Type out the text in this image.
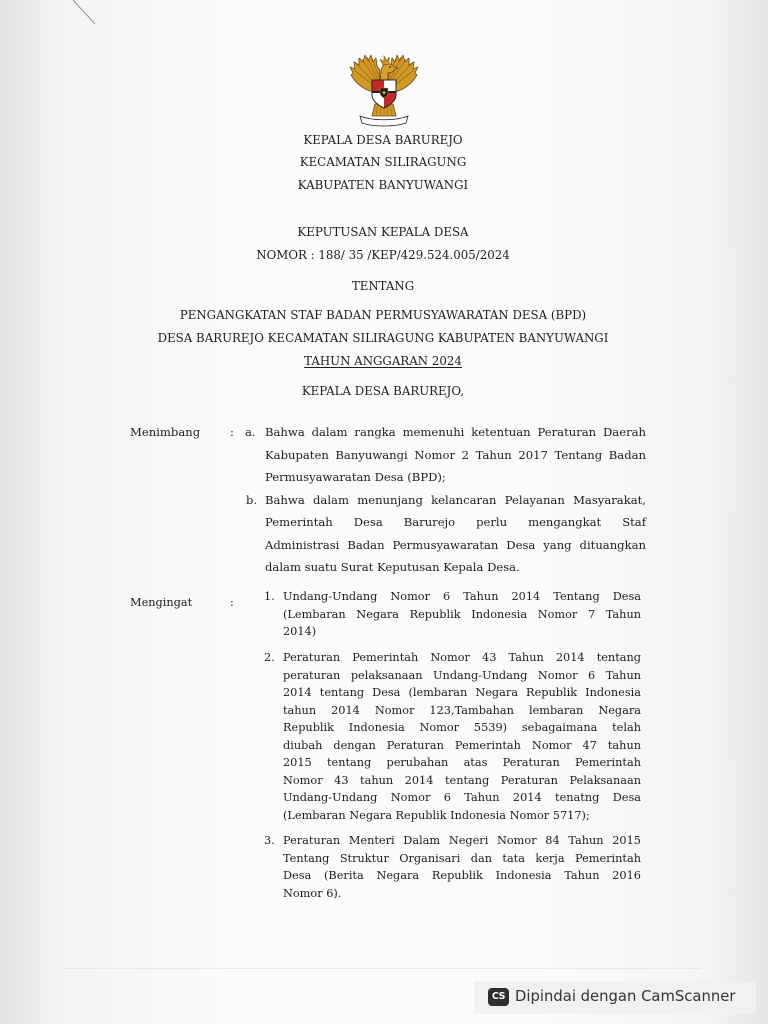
KEPALA DESA BARUREJO
KECAMATAN SILIRAGUNG
KABUPATEN BANYUWANGI
KEPUTUSAN KEPALA DESA
NOMOR : 188/ 35 /KEP/429.524.005/2024
TENTANG
PENGANGKATAN STAF BADAN PERMUSYAWARATAN DESA (BPD)
DESA BARUREJO KECAMATAN SILIRAGUNG KABUPATEN BANYUWANGI
TAHUN ANGGARAN 2024
KEPALA DESA BARUREJO,
Menimbang	: a. Bahwa dalam rangka memenuhi ketentuan Peraturan Daerah
Kabupaten Banyuwangi Nomor 2 Tahun 2017 Tentang Badan
Permusyawaratan Desa (BPD);
b. Bahwa dalam menunjang kelancaran Pelayanan Masyarakat,
Pemerintah Desa Barurejo perlu mengangkat Staf
Administrasi Badan Permusyawaratan Desa yang dituangkan
dalam suatu Surat Keputusan Kepala Desa.
Mengingat	:	1. Undang-Undang Nomor 6 Tahun 2014 Tentang Desa
(Lembaran Negara Republik Indonesia Nomor 7 Tahun
2014)
2. Peraturan Pemerintah Nomor 43 Tahun 2014 tentang
peraturan pelaksanaan Undang-Undang Nomor 6 Tahun
2014 tentang Desa (lembaran Negara Republik Indonesia
tahun 2014 Nomor 123,Tambahan lembaran Negara
Republik Indonesia Nomor 5539) sebagaimana telah
diubah dengan Peraturan Pemerintah Nomor 47 tahun
2015 tentang perubahan atas Peraturan Pemerintah
Nomor 43 tahun 2014 tentang Peraturan Pelaksanaan
Undang-Undang Nomor 6 Tahun 2014 tenatng Desa
(Lembaran Negara Republik Indonesia Nomor 5717);
3. Peraturan Menteri Dalam Negeri Nomor 84 Tahun 2015
Tentang Struktur Organisari dan tata kerja Pemerintah
Desa (Berita Negara Republik Indonesia Tahun 2016
Nomor 6).
CS Dipindai dengan CamScanner
